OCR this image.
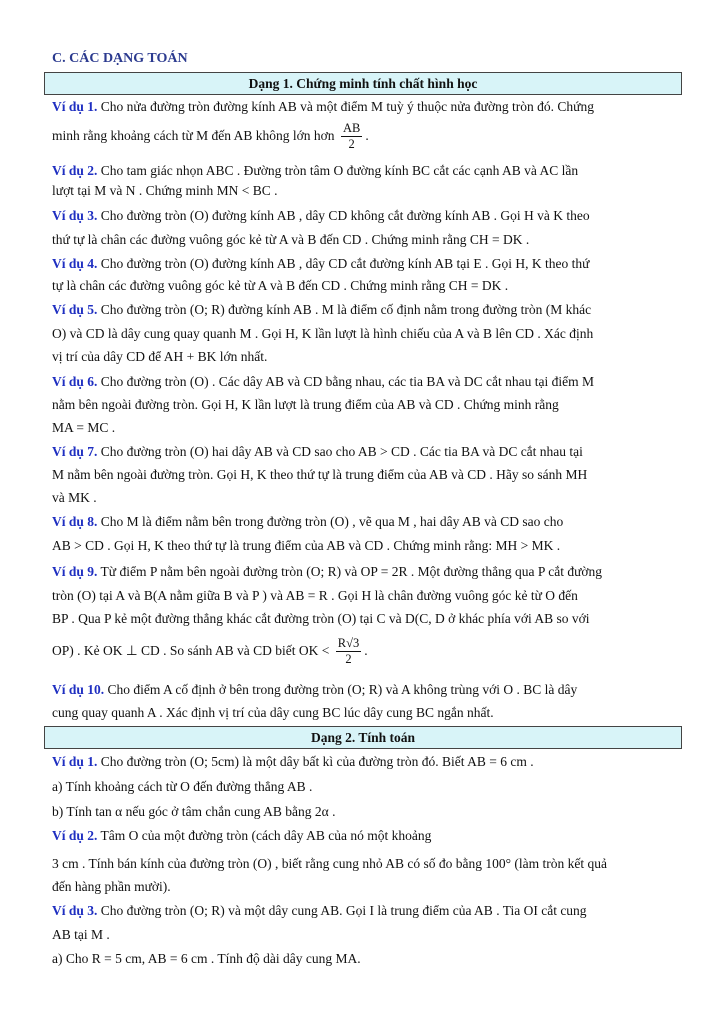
C. CÁC DẠNG TOÁN
Dạng 1. Chứng minh tính chất hình học
Ví dụ 1. Cho nửa đường tròn đường kính AB và một điểm M tuỳ ý thuộc nửa đường tròn đó. Chứng
minh rằng khoảng cách từ M đến AB không lớn hơn $\frac{AB}{2}$ .
Ví dụ 2. Cho tam giác nhọn ABC . Đường tròn tâm O đường kính BC cắt các cạnh AB và AC lần
lượt tại M và N . Chứng minh MN < BC .
Ví dụ 3. Cho đường tròn (O) đường kính AB , dây CD không cắt đường kính AB . Gọi H và K theo
thứ tự là chân các đường vuông góc kẻ từ A và B đến CD . Chứng minh rằng CH = DK .
Ví dụ 4. Cho đường tròn (O) đường kính AB , dây CD cắt đường kính AB tại E . Gọi H, K theo thứ
tự là chân các đường vuông góc kẻ từ A và B đến CD . Chứng minh rằng CH = DK .
Ví dụ 5. Cho đường tròn (O; R) đường kính AB . M là điểm cố định nằm trong đường tròn (M khác
O) và CD là dây cung quay quanh M . Gọi H, K lần lượt là hình chiếu của A và B lên CD . Xác định
vị trí của dây CD để AH + BK lớn nhất.
Ví dụ 6. Cho đường tròn (O) . Các dây AB và CD bằng nhau, các tia BA và DC cắt nhau tại điểm M
nằm bên ngoài đường tròn. Gọi H, K lần lượt là trung điểm của AB và CD . Chứng minh rằng
MA = MC .
Ví dụ 7. Cho đường tròn (O) hai dây AB và CD sao cho AB > CD . Các tia BA và DC cắt nhau tại
M nằm bên ngoài đường tròn. Gọi H, K theo thứ tự là trung điểm của AB và CD . Hãy so sánh MH
và MK .
Ví dụ 8. Cho M là điểm nằm bên trong đường tròn (O) , vẽ qua M , hai dây AB và CD sao cho
AB > CD . Gọi H, K theo thứ tự là trung điểm của AB và CD . Chứng minh rằng: MH > MK .
Ví dụ 9. Từ điểm P nằm bên ngoài đường tròn (O; R) và OP = 2R . Một đường thẳng qua P cắt đường
tròn (O) tại A và B(A nằm giữa B và P ) và AB = R . Gọi H là chân đường vuông góc kẻ từ O đến
BP . Qua P kẻ một đường thẳng khác cắt đường tròn (O) tại C và D(C, D ở khác phía với AB so với
OP) . Kẻ OK ⊥ CD . So sánh AB và CD biết OK < $\frac{R√3}{2}$ .
Ví dụ 10. Cho điểm A cố định ở bên trong đường tròn (O; R) và A không trùng với O . BC là dây
cung quay quanh A . Xác định vị trí của dây cung BC lúc dây cung BC ngắn nhất.
Dạng 2. Tính toán
Ví dụ 1. Cho đường tròn (O; 5cm) là một dây bất kì của đường tròn đó. Biết AB = 6 cm .
a) Tính khoảng cách từ O đến đường thẳng AB .
b) Tính tan α nếu góc ở tâm chắn cung AB bằng 2α .
Ví dụ 2. Tâm O của một đường tròn (cách dây AB của nó một khoảng
3 cm . Tính bán kính của đường tròn (O) , biết rằng cung nhỏ AB có số đo bằng 100° (làm tròn kết quả
đến hàng phần mười).
Ví dụ 3. Cho đường tròn (O; R) và một dây cung AB. Gọi I là trung điểm của AB . Tia OI cắt cung
AB tại M .
a) Cho R = 5 cm, AB = 6 cm . Tính độ dài dây cung MA.
